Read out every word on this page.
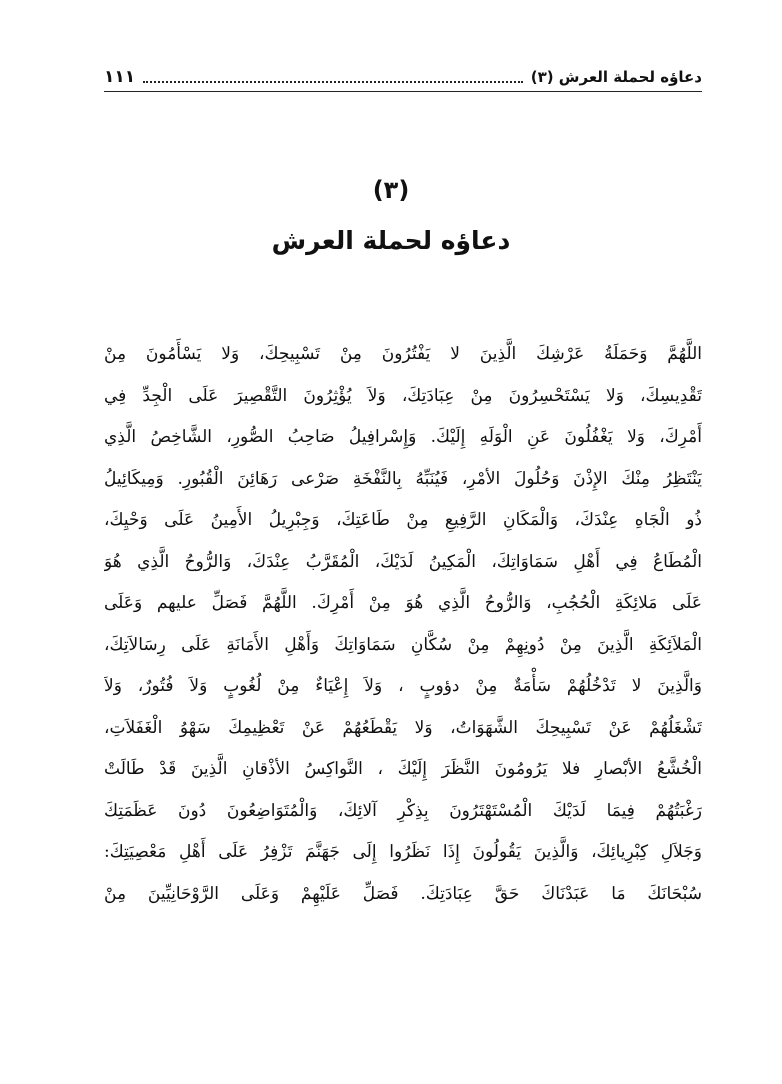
دعاؤه لحملة العرش (٣)
١١١
(٣)
دعاؤه لحملة العرش
اللَّهُمَّ وَحَمَلَةُ عَرْشِكَ الَّذِينَ لا يَفْتُرُونَ مِنْ تَسْبِيحِكَ، وَلا يَسْأَمُونَ مِنْ
تَقْدِيسِكَ، وَلا يَسْتَحْسِرُونَ مِنْ عِبَادَتِكَ، وَلاَ يُؤْثِرُونَ التَّقْصِيرَ عَلَى الْجِدِّ فِي
أَمْرِكَ، وَلا يَغْفُلُونَ عَنِ الْوَلَهِ إِلَيْكَ. وَإِسْرافِيلُ صَاحِبُ الصُّورِ، الشَّاخِصُ الَّذِي
يَنْتَظِرُ مِنْكَ الإِذْنَ وَحُلُولَ الأمْرِ، فَيُنَبِّهُ بِالنَّفْخَةِ صَرْعى رَهَائِنَ الْقُبُورِ. وَمِيكَائِيلُ
ذُو الْجَاهِ عِنْدَكَ، وَالْمَكَانِ الرَّفِيعِ مِنْ طَاعَتِكَ، وَجِبْرِيلُ الأَمِينُ عَلَى وَحْيِكَ،
الْمُطَاعُ فِي أَهْلِ سَمَاوَاتِكَ، الْمَكِينُ لَدَيْكَ، الْمُقَرَّبُ عِنْدَكَ، وَالرُّوحُ الَّذِي هُوَ
عَلَى مَلائِكَةِ الْحُجُبِ، وَالرُّوحُ الَّذِي هُوَ مِنْ أَمْرِكَ. اللَّهُمَّ فَصَلِّ عليهم وَعَلَى
الْمَلاَئِكَةِ الَّذِينَ مِنْ دُونِهِمْ مِنْ سُكَّانِ سَمَاوَاتِكَ وَأَهْلِ الأَمَانَةِ عَلَى رِسَالاَتِكَ،
وَالَّذِينَ لا تَدْخُلُهُمْ سَأْمَةٌ مِنْ دؤوبٍ ، وَلاَ إِعْيَاءٌ مِنْ لُغُوبٍ وَلاَ فُتُورٌ، وَلاَ
تَشْغَلُهُمْ عَنْ تَسْبِيحِكَ الشَّهَوَاتُ، وَلا يَقْطَعُهُمْ عَنْ تَعْظِيمِكَ سَهْوُ الْغَفَلاَتِ،
الْخُشَّعُ الأبْصارِ فلا يَرُومُونَ النَّظَرَ إِلَيْكَ ، النَّواكِسُ الأذْقانِ الَّذِينَ قَدْ طَالَتْ
رَغْبَتُهُمْ فِيمَا لَدَيْكَ الْمُسْتَهْتَرُونَ بِذِكْرِ آلائِكَ، وَالْمُتَوَاضِعُونَ دُونَ عَظَمَتِكَ
وَجَلاَلِ كِبْرِيائِكَ، وَالَّذِينَ يَقُولُونَ إِذَا نَظَرُوا إِلَى جَهَنَّمَ تَزْفِرُ عَلَى أَهْلِ مَعْصِيَتِكَ:
سُبْحَانَكَ مَا عَبَدْنَاكَ حَقَّ عِبَادَتِكَ. فَصَلِّ عَلَيْهِمْ وَعَلَى الرَّوْحَانِيِّينَ مِنْ
